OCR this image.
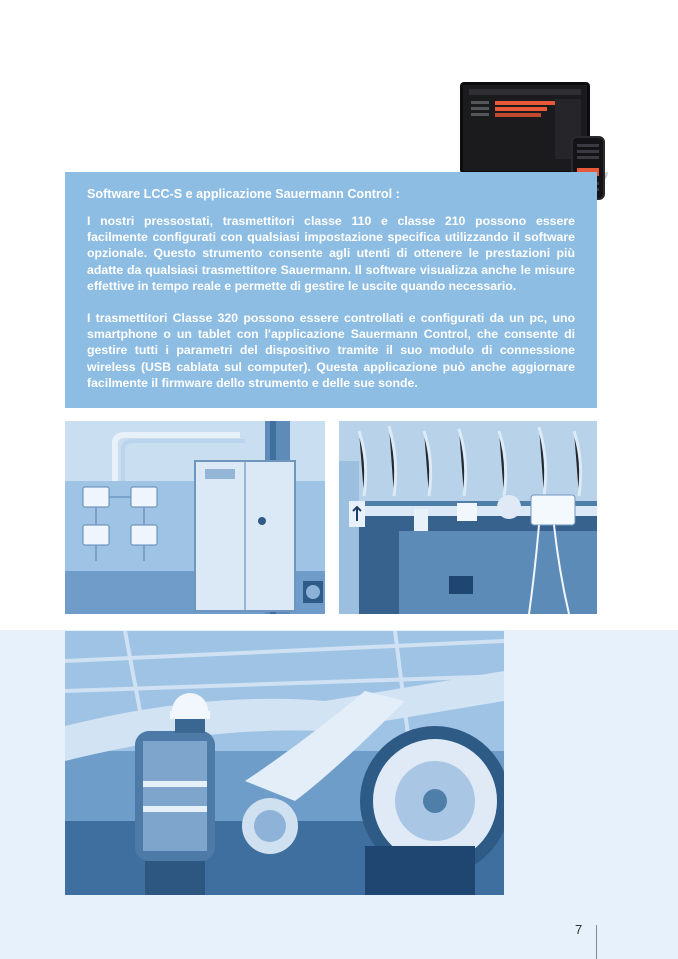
Software LCC-S e applicazione Sauermann Control :

I nostri pressostati, trasmettitori classe 110 e classe 210 possono essere facilmente configurati con qualsiasi impostazione specifica utilizzando il software opzionale. Questo strumento consente agli utenti di ottenere le prestazioni più adatte da qualsiasi trasmettitore Sauermann. Il software visualizza anche le misure effettive in tempo reale e permette di gestire le uscite quando necessario.

I trasmettitori Classe 320 possono essere controllati e configurati da un pc, uno smartphone o un tablet con l'applicazione Sauermann Control, che consente di gestire tutti i parametri del dispositivo tramite il suo modulo di connessione wireless (USB cablata sul computer). Questa applicazione può anche aggiornare facilmente il firmware dello strumento e delle sue sonde.

7
